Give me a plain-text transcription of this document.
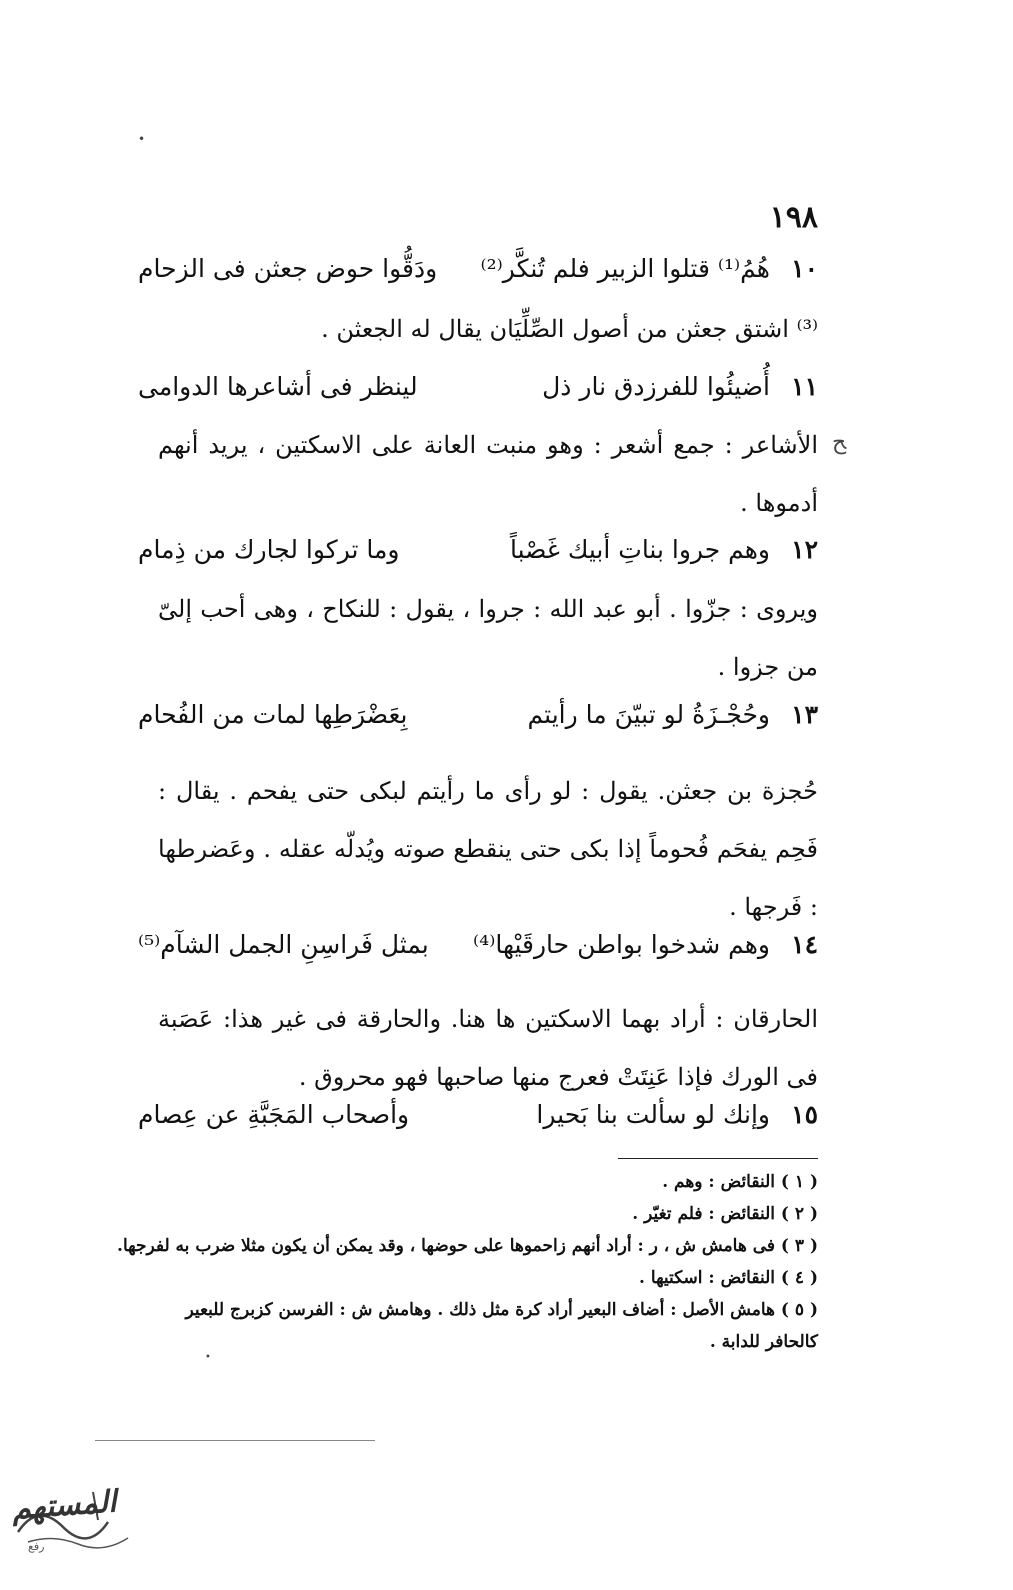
١٩٨
١٠
هُمُ⁽¹⁾ قتلوا الزبير فلم تُنكَّر⁽²⁾
ودَقُّوا حوض جعثن فى الزحام
⁽³⁾ اشتق جعثن من أصول الصِّلِّيَان يقال له الجعثن .
١١
أُضيئُوا للفرزدق نار ذل
لينظر فى أشاعرها الدوامى
الأشاعر : جمع أشعر : وهو منبت العانة على الاسكتين ، يريد أنهم أدموها .
١٢
وهم جروا بناتِ أبيك غَصْباً
وما تركوا لجارك من ذِمام
ويروى : جزّوا . أبو عبد الله : جروا ، يقول : للنكاح ، وهى أحب إلىّ من جزوا .
١٣
وحُجْـزَةُ لو تبيّنَ ما رأيتم
بِعَضْرَطِها لمات من الفُحام
حُجزة بن جعثن. يقول : لو رأى ما رأيتم لبكى حتى يفحم . يقال : فَحِم يفحَم فُحوماً إذا بكى حتى ينقطع صوته ويُدلّه عقله . وعَضرطها : فَرجها .
١٤
وهم شدخوا بواطن حارقَيْها⁽⁴⁾
بمثل فَراسِنِ الجمل الشآم⁽⁵⁾
الحارقان : أراد بهما الاسكتين ها هنا. والحارقة فى غير هذا: عَصَبة فى الورك فإذا عَنِتَتْ فعرج منها صاحبها فهو محروق .
١٥
وإنك لو سألت بنا بَحيرا
وأصحاب المَجَبَّةِ عن عِصام
( ١ ) النقائض : وهم .
( ٢ ) النقائض : فلم تغيّر .
( ٣ ) فى هامش ش ، ر : أراد أنهم زاحموها على حوضها ، وقد يمكن أن يكون مثلا ضرب به لفرجها.
( ٤ ) النقائض : اسكتيها .
( ٥ ) هامش الأصل : أضاف البعير أراد كرة مثل ذلك . وهامش ش : الفرسن كزبرج للبعير
كالحافر للدابة .
المستهم
رفع
ﺢ
•
•
